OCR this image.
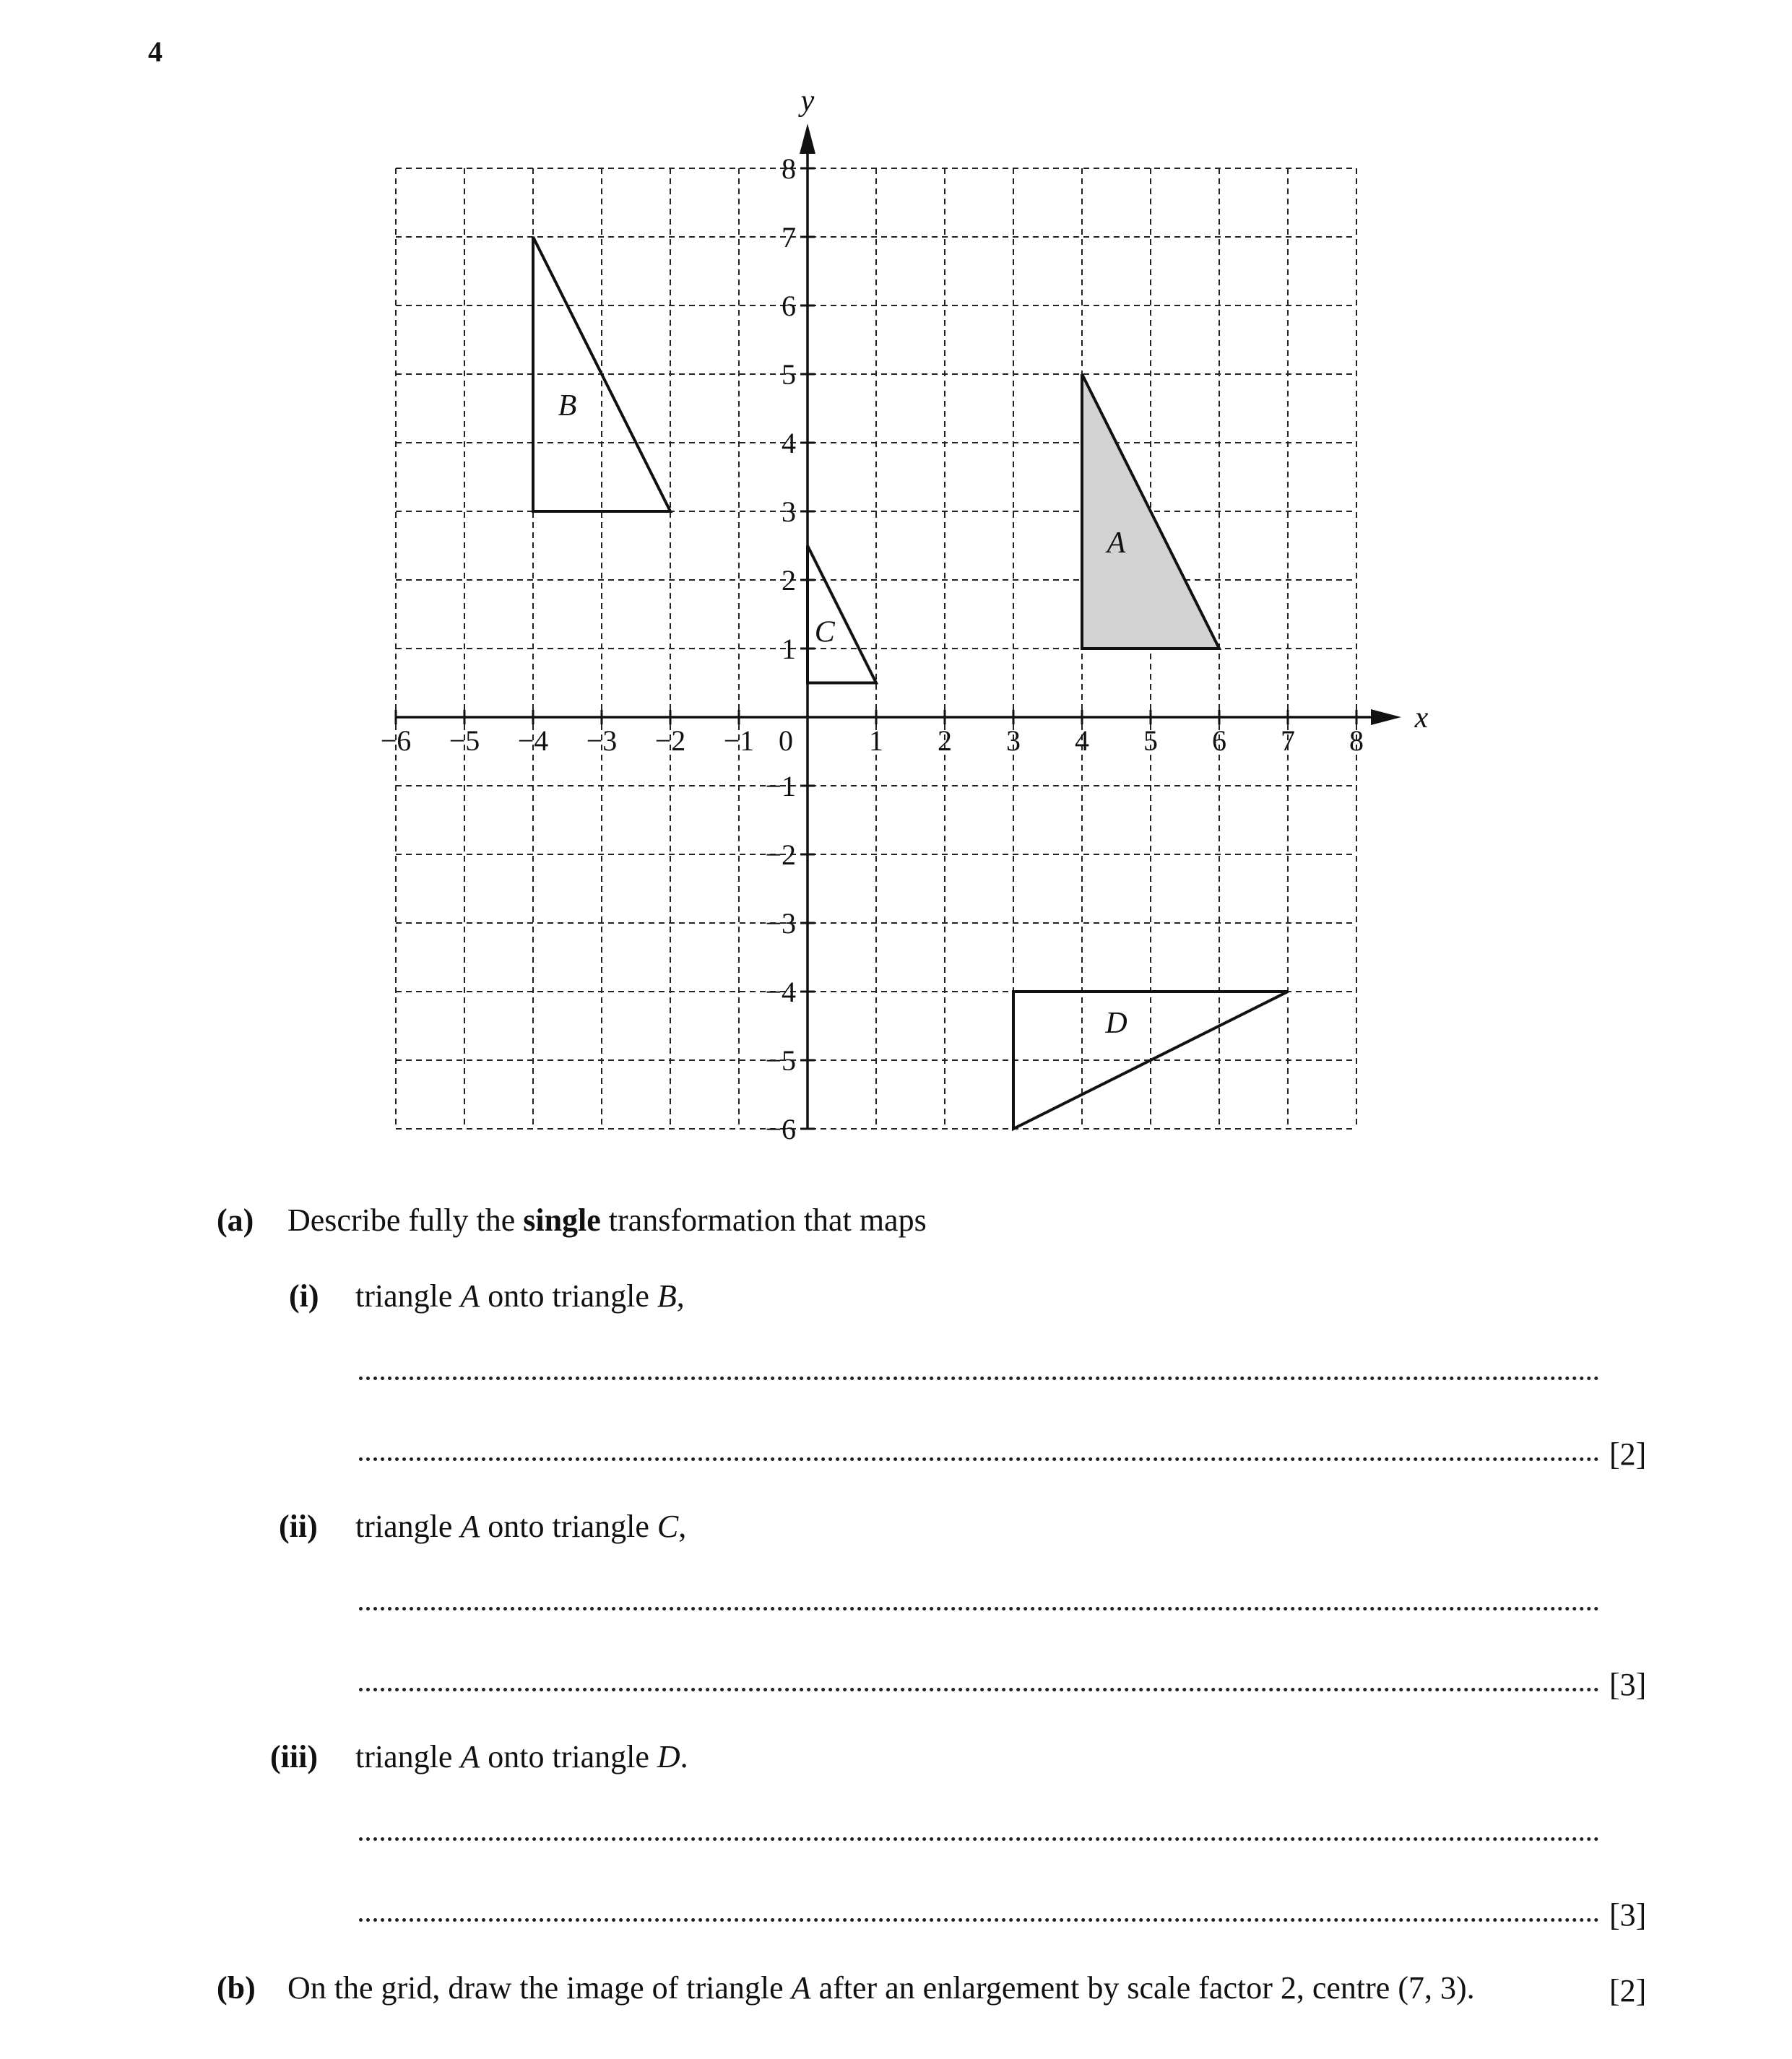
4
A
B
C
D
−6 −5 −4 −3 −2 −1 0	1 2 3 4 5 6 7 8
8
7
6
5
4
3
2
1
−1
−2
−3
−4
−5
−6
x
y
(a) Describe fully the single transformation that maps
(i) triangle A onto triangle B,
[2]
(ii) triangle A onto triangle C,
[3]
(iii) triangle A onto triangle D.
[3]
(b) On the grid, draw the image of triangle A after an enlargement by scale factor 2, centre (7, 3).	[2]
